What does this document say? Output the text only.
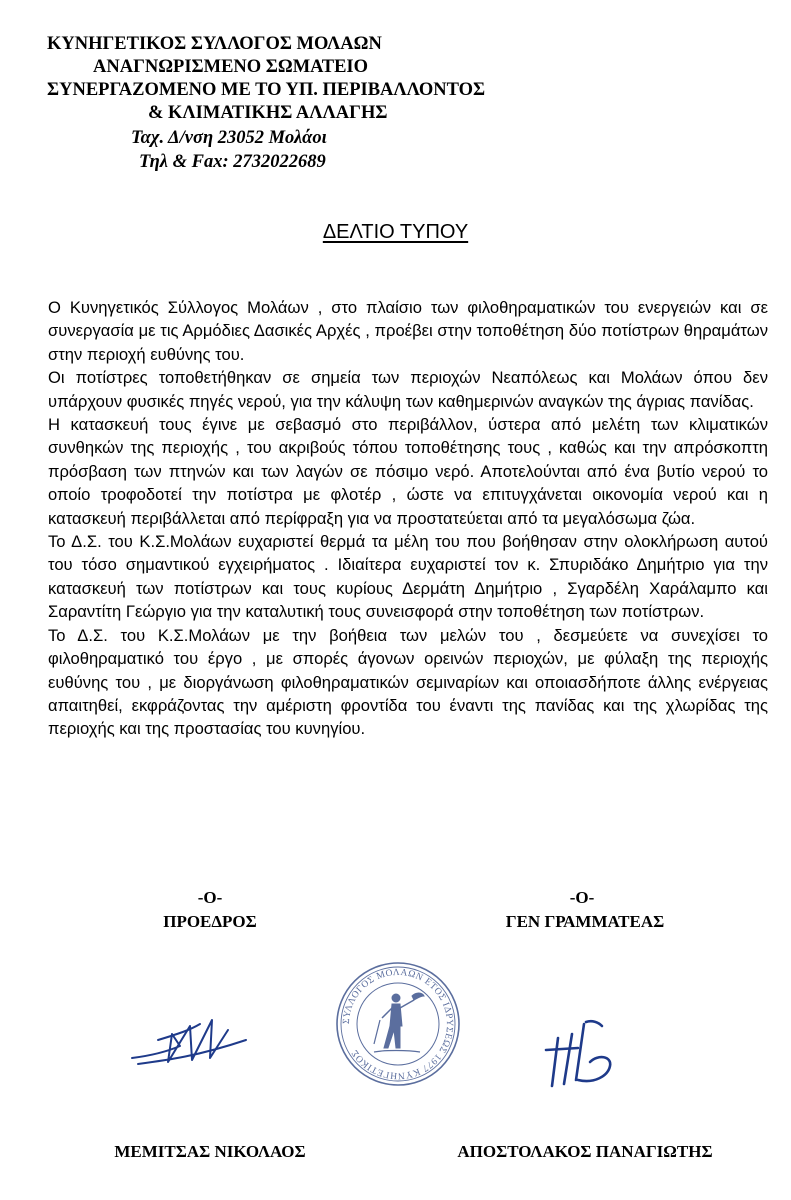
ΚΥΝΗΓΕΤΙΚΟΣ ΣΥΛΛΟΓΟΣ ΜΟΛΑΩΝ
ΑΝΑΓΝΩΡΙΣΜΕΝΟ ΣΩΜΑΤΕΙΟ
ΣΥΝΕΡΓΑΖΟΜΕΝΟ ΜΕ ΤΟ ΥΠ. ΠΕΡΙΒΑΛΛΟΝΤΟΣ
& ΚΛΙΜΑΤΙΚΗΣ ΑΛΛΑΓΗΣ
Ταχ. Δ/νση 23052 Μολάοι
Τηλ & Fax: 2732022689
ΔΕΛΤΙΟ ΤΥΠΟΥ

Ο Κυνηγετικός Σύλλογος Μολάων , στο πλαίσιο των φιλοθηραματικών του ενεργειών και σε συνεργασία με τις Αρμόδιες Δασικές Αρχές , προέβει στην τοποθέτηση δύο ποτίστρων θηραμάτων στην περιοχή ευθύνης του.

Οι ποτίστρες τοποθετήθηκαν σε σημεία των περιοχών Νεαπόλεως και Μολάων όπου δεν υπάρχουν φυσικές πηγές νερού, για την κάλυψη των καθημερινών αναγκών της άγριας πανίδας.

Η κατασκευή τους έγινε με σεβασμό στο περιβάλλον, ύστερα από μελέτη των κλιματικών συνθηκών της περιοχής , του ακριβούς τόπου τοποθέτησης τους , καθώς και την απρόσκοπτη πρόσβαση των πτηνών και των λαγών σε πόσιμο νερό. Αποτελούνται από ένα βυτίο νερού το οποίο τροφοδοτεί την ποτίστρα με φλοτέρ , ώστε να επιτυγχάνεται οικονομία νερού και η κατασκευή περιβάλλεται από περίφραξη για να προστατεύεται από τα μεγαλόσωμα ζώα.

Το Δ.Σ. του Κ.Σ.Μολάων ευχαριστεί θερμά τα μέλη του που βοήθησαν στην ολοκλήρωση αυτού του τόσο σημαντικού εγχειρήματος . Ιδιαίτερα ευχαριστεί τον κ. Σπυριδάκο Δημήτριο για την κατασκευή των ποτίστρων και τους κυρίους Δερμάτη Δημήτριο , Σγαρδέλη Χαράλαμπο και Σαραντίτη Γεώργιο για την καταλυτική τους συνεισφορά στην τοποθέτηση των ποτίστρων.

Το Δ.Σ. του Κ.Σ.Μολάων με την βοήθεια των μελών του , δεσμεύετε να συνεχίσει το φιλοθηραματικό του έργο , με σπορές άγονων ορεινών περιοχών, με φύλαξη της περιοχής ευθύνης του , με διοργάνωση φιλοθηραματικών σεμιναρίων και οποιασδήποτε άλλης ενέργειας απαιτηθεί, εκφράζοντας την αμέριστη φροντίδα του έναντι της πανίδας και της χλωρίδας της περιοχής και της προστασίας του κυνηγίου.

-Ο-
ΠΡΟΕΔΡΟΣ
ΜΕΜΙΤΣΑΣ ΝΙΚΟΛΑΟΣ
-Ο-
ΓΕΝ ΓΡΑΜΜΑΤΕΑΣ
ΑΠΟΣΤΟΛΑΚΟΣ ΠΑΝΑΓΙΩΤΗΣ
ΣΥΛΛΟΓΟΣ ΜΟΛΑΩΝ ΕΤΟΣ ΙΔΡΥΣΕΩΣ 1977 ΚΥΝΗΓΕΤΙΚΟΣ
